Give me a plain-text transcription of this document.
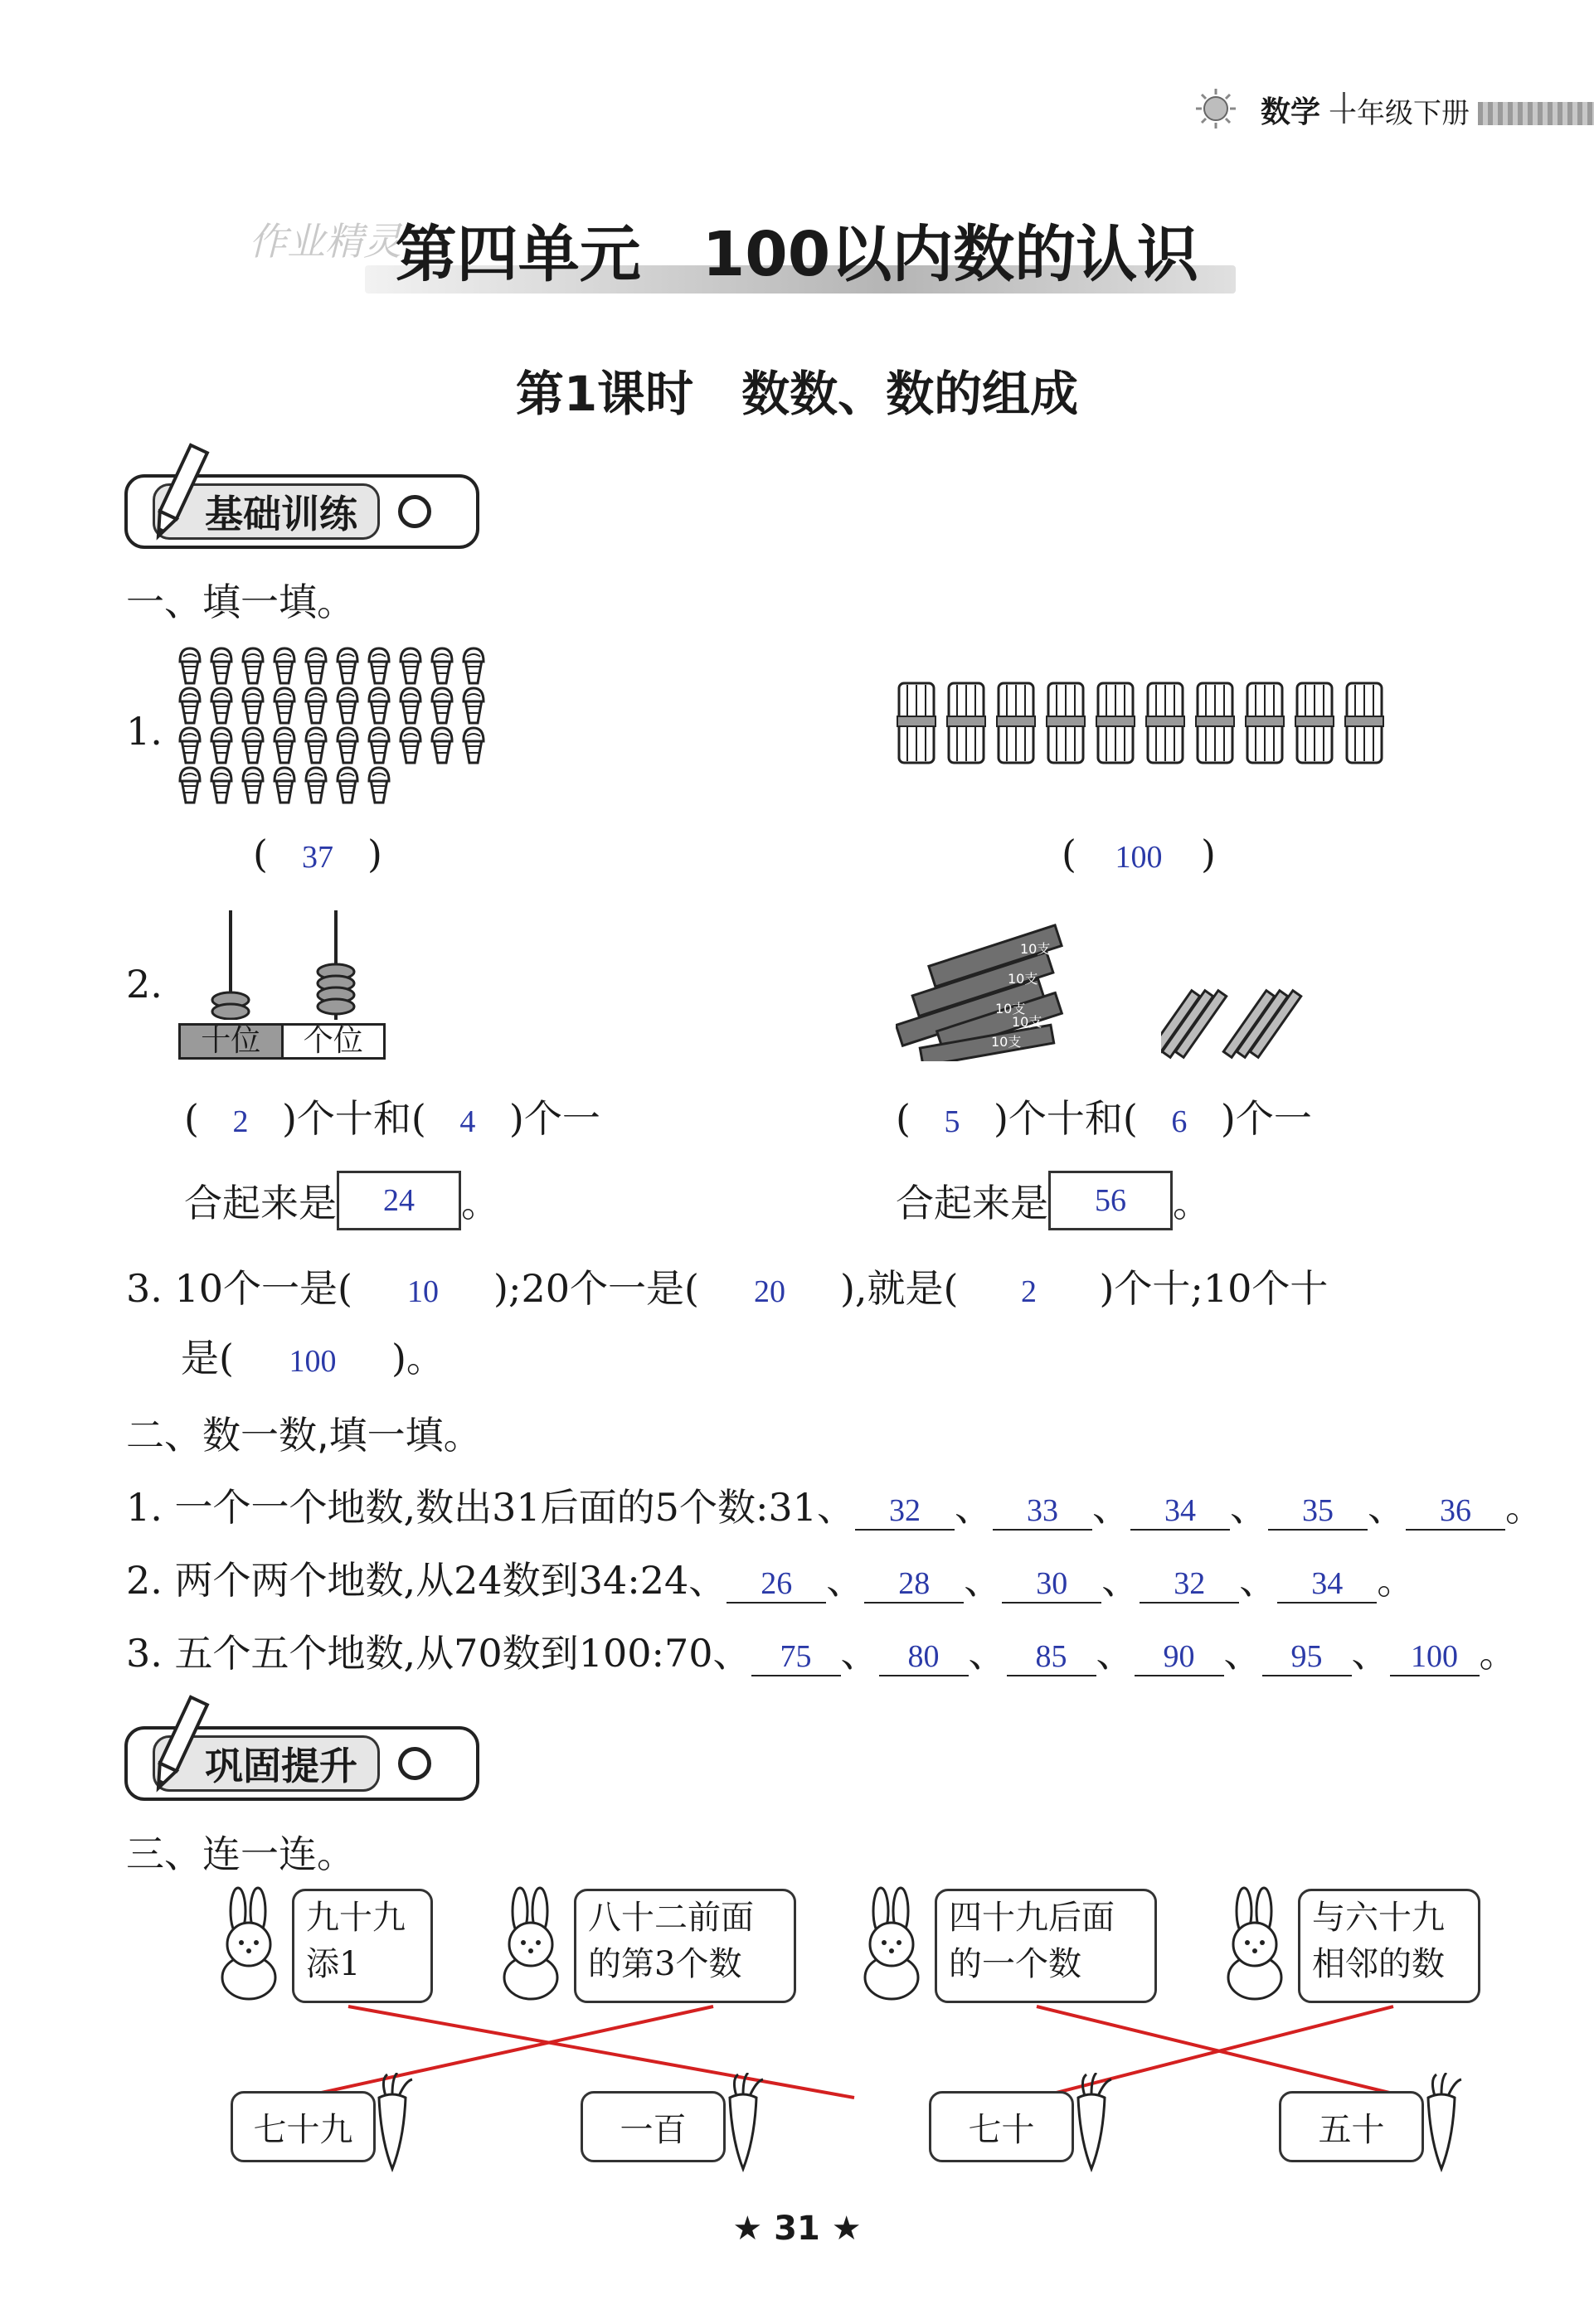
数学 一年级下册
作业精灵
第四单元　100以内数的认识
第1课时　数数、数的组成
基础训练
一、填一填。
1.
( 37 )	( 100 )
2.
十位	个位
10支
10支
10支
10支
10支
( 2 )个十和( 4 )个一	( 5 )个十和( 6 )个一
合起来是	24	。	合起来是	56	。
3. 10个一是( 10 );20个一是( 20 ),就是( 2 )个十;10个十
是( 100 )。
二、数一数,填一填。
1. 一个一个地数,数出31后面的5个数:31、 32 、 33 、 34 、 35 、 36 。
2. 两个两个地数,从24数到34:24、 26 、 28 、 30 、 32 、 34 。
3. 五个五个地数,从70数到100:70、 75 、 80 、 85 、 90 、 95 、 100 。
巩固提升
三、连一连。
九十九
添1
八十二前面
的第3个数
四十九后面
的一个数
与六十九
相邻的数
七十九	一百	七十	五十
★ 31 ★
